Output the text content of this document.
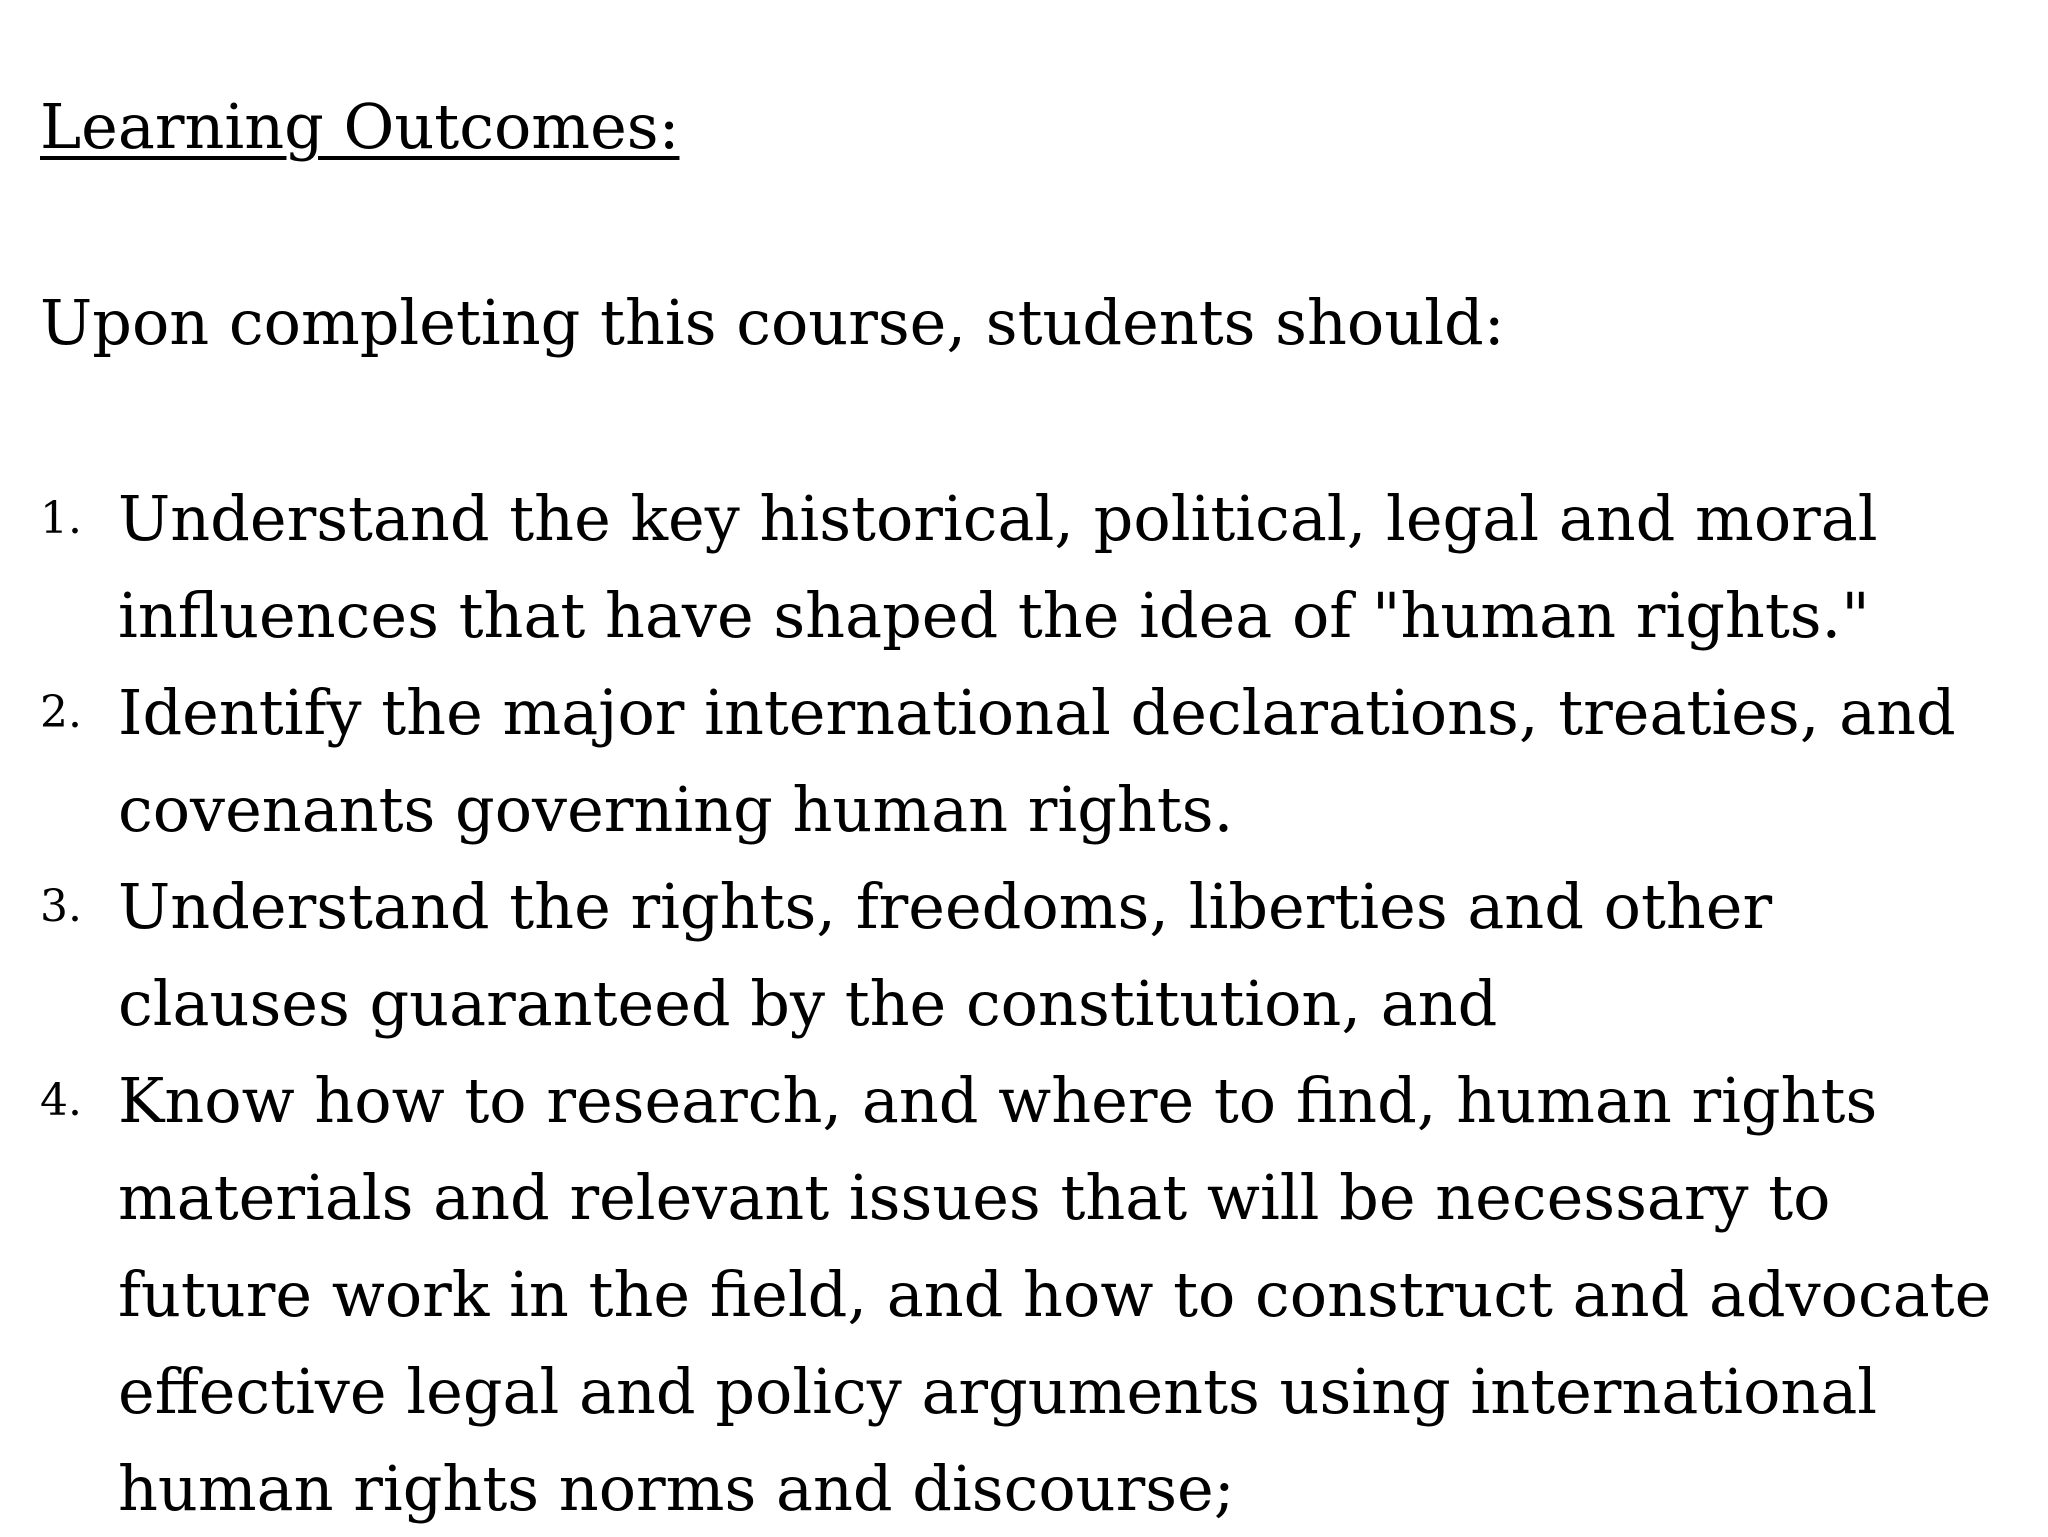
Learning Outcomes:

Upon completing this course, students should:

1. Understand the key historical, political, legal and moral influences that have shaped the idea of "human rights."
2. Identify the major international declarations, treaties, and covenants governing human rights.
3. Understand the rights, freedoms, liberties and other clauses guaranteed by the constitution, and
4. Know how to research, and where to find, human rights materials and relevant issues that will be necessary to future work in the field, and how to construct and advocate effective legal and policy arguments using international human rights norms and discourse;
